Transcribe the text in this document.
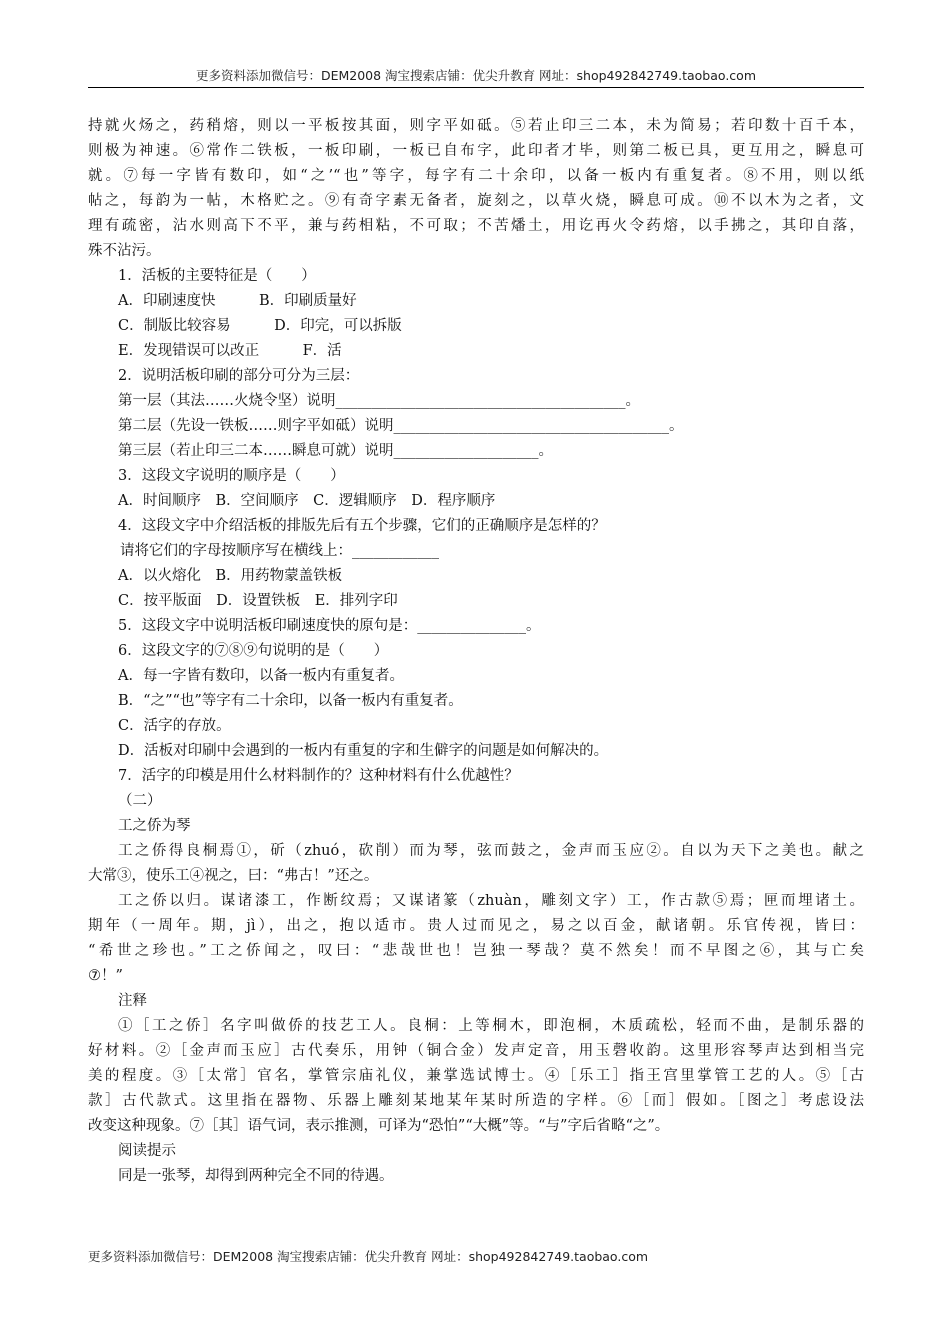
更多资料添加微信号：DEM2008 淘宝搜索店铺：优尖升教育 网址：shop492842749.taobao.com
持就火炀之，药稍熔，则以一平板按其面，则字平如砥。⑤若止印三二本，未为简易；若印数十百千本，
则极为神速。⑥常作二铁板，一板印刷，一板已自布字，此印者才毕，则第二板已具，更互用之，瞬息可
就。⑦每一字皆有数印，如“之’“也”等字，每字有二十余印，以备一板内有重复者。⑧不用，则以纸
帖之，每韵为一帖，木格贮之。⑨有奇字素无备者，旋刻之，以草火烧，瞬息可成。⑩不以木为之者，文
理有疏密，沾水则高下不平，兼与药相粘，不可取；不苦燔土，用讫再火令药熔，以手拂之，其印自落，
殊不沾污。
1．活板的主要特征是（　　）
A．印刷速度快　　　B．印刷质量好
C．制版比较容易　　　D．印完，可以拆版
E．发现错误可以改正　　　F．活
2．说明活板印刷的部分可分为三层：
第一层（其法……火烧令坚）说明________________________________________。
第二层（先设一铁板……则字平如砥）说明______________________________________。
第三层（若止印三二本……瞬息可就）说明____________________。
3．这段文字说明的顺序是（　　）
A．时间顺序　B．空间顺序　C．逻辑顺序　D．程序顺序
4．这段文字中介绍活板的排版先后有五个步骤，它们的正确顺序是怎样的？
请将它们的字母按顺序写在横线上：____________
A．以火熔化　B．用药物蒙盖铁板
C．按平版面　D．设置铁板　E．排列字印
5．这段文字中说明活板印刷速度快的原句是：_______________。
6．这段文字的⑦⑧⑨句说明的是（　　）
A．每一字皆有数印，以备一板内有重复者。
B．“之”“也”等字有二十余印，以备一板内有重复者。
C．活字的存放。
D．活板对印刷中会遇到的一板内有重复的字和生僻字的问题是如何解决的。
7．活字的印模是用什么材料制作的？这种材料有什么优越性？
（二）
工之侨为琴
工之侨得良桐焉①，斫（zhuó，砍削）而为琴，弦而鼓之，金声而玉应②。自以为天下之美也。献之
大常③，使乐工④视之，曰：“弗古！”还之。
工之侨以归。谋诸漆工，作断纹焉；又谋诸篆（zhuàn，雕刻文字）工，作古款⑤焉；匣而埋诸土。
期年（一周年。期，jì），出之，抱以适市。贵人过而见之，易之以百金，献诸朝。乐官传视，皆曰：
“希世之珍也。”工之侨闻之，叹曰：“悲哉世也！岂独一琴哉？莫不然矣！而不早图之⑥，其与亡矣
⑦！”
注释
①［工之侨］名字叫做侨的技艺工人。良桐：上等桐木，即泡桐，木质疏松，轻而不曲，是制乐器的
好材料。②［金声而玉应］古代奏乐，用钟（铜合金）发声定音，用玉磬收韵。这里形容琴声达到相当完
美的程度。③［太常］官名，掌管宗庙礼仪，兼掌选试博士。④［乐工］指王宫里掌管工艺的人。⑤［古
款］古代款式。这里指在器物、乐器上雕刻某地某年某时所造的字样。⑥［而］假如。［图之］考虑设法
改变这种现象。⑦［其］语气词，表示推测，可译为“恐怕”“大概”等。“与”字后省略“之”。
阅读提示
同是一张琴，却得到两种完全不同的待遇。
更多资料添加微信号：DEM2008 淘宝搜索店铺：优尖升教育 网址：shop492842749.taobao.com
